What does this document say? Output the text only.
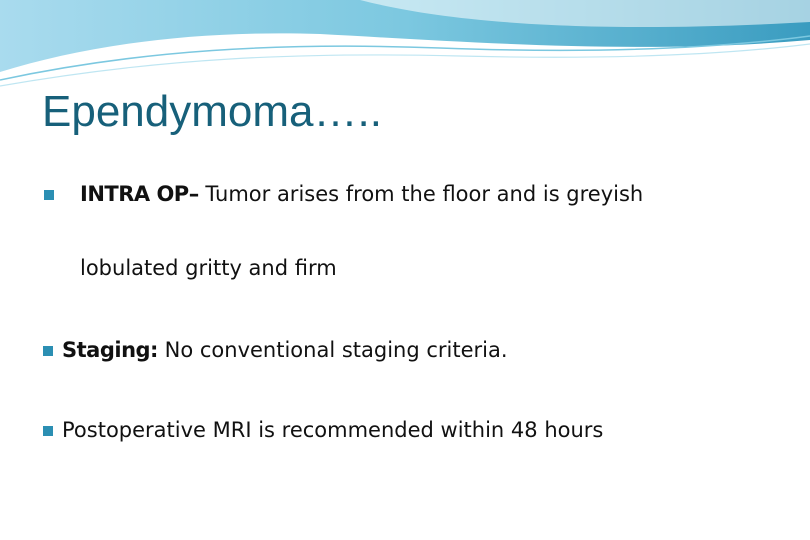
Ependymoma…..
INTRA OP– Tumor arises from the floor and is greyish
lobulated gritty and firm
Staging: No conventional staging criteria.
Postoperative MRI is recommended within 48 hours
